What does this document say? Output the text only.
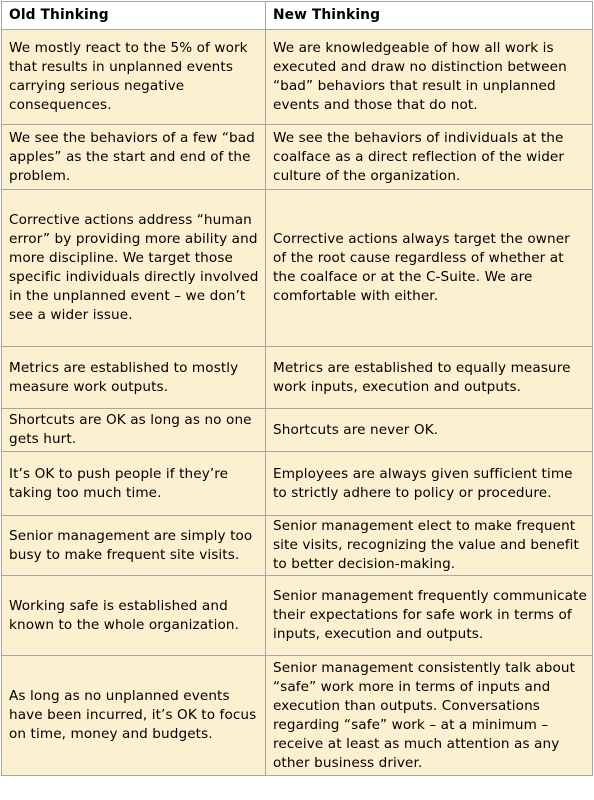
Old Thinking	New Thinking
We mostly react to the 5% of work that results in unplanned events carrying serious negative consequences.	We are knowledgeable of how all work is executed and draw no distinction between “bad” behaviors that result in unplanned events and those that do not.
We see the behaviors of a few “bad apples” as the start and end of the problem.	We see the behaviors of individuals at the coalface as a direct reflection of the wider culture of the organization.
Corrective actions address “human error” by providing more ability and more discipline. We target those specific individuals directly involved in the unplanned event – we don’t see a wider issue.	Corrective actions always target the owner of the root cause regardless of whether at the coalface or at the C-Suite. We are comfortable with either.
Metrics are established to mostly measure work outputs.	Metrics are established to equally measure work inputs, execution and outputs.
Shortcuts are OK as long as no one gets hurt.	Shortcuts are never OK.
It’s OK to push people if they’re taking too much time.	Employees are always given sufficient time to strictly adhere to policy or procedure.
Senior management are simply too busy to make frequent site visits.	Senior management elect to make frequent site visits, recognizing the value and benefit to better decision-making.
Working safe is established and known to the whole organization.	Senior management frequently communicate their expectations for safe work in terms of inputs, execution and outputs.
As long as no unplanned events have been incurred, it’s OK to focus on time, money and budgets.	Senior management consistently talk about “safe” work more in terms of inputs and execution than outputs. Conversations regarding “safe” work – at a minimum – receive at least as much attention as any other business driver.
